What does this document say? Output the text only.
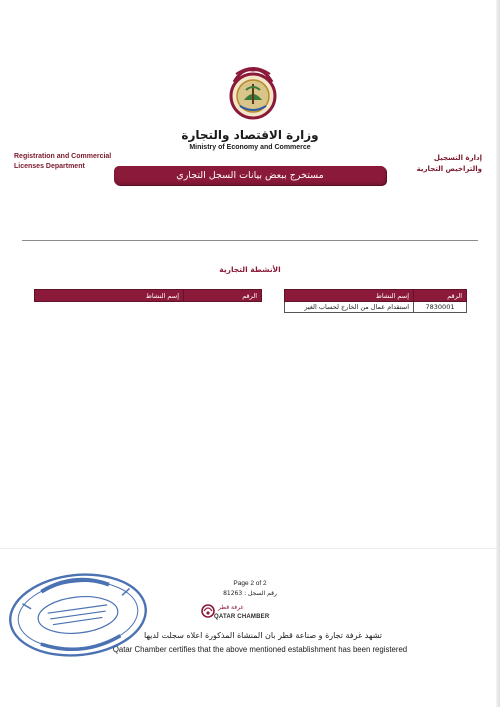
وزارة الاقتصاد والتجارة
Ministry of Economy and Commerce
Registration and Commercial
Licenses Department
إدارة التسجيل
والتراخيص التجارية
مستخرج ببعض بيانات السجل التجاري
الأنشطة التجارية
إسم النشاط	الرقم	إسم النشاط	الرقم
استقدام عمال من الخارج لحساب الغير	7830001
Page 2 of 2
رقم السجل : 81263
غرفة قطر
QATAR CHAMBER
تشهد غرفة تجارة و صناعة قطر بان المنشاة المذكورة اعلاه سجلت لديها
Qatar Chamber certifies that the above mentioned establishment has been registered
